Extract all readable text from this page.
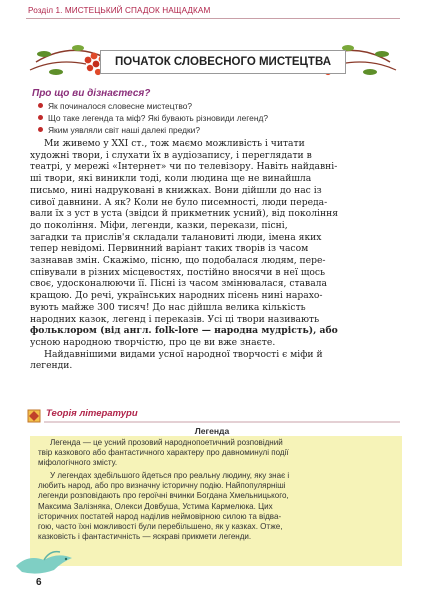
Розділ 1. МИСТЕЦЬКИЙ СПАДОК НАЩАДКАМ
ПОЧАТОК СЛОВЕСНОГО МИСТЕЦТВА
Про що ви дізнаєтеся?
Як починалося словесне мистецтво?
Що таке легенда та міф? Які бувають різновиди легенд?
Яким уявляли світ наші далекі предки?
Ми живемо у XXI ст., тож маємо можливість і читати
художні твори, і слухати їх в аудіозапису, і переглядати в
театрі, у мережі «Інтернет» чи по телевізору. Навіть найдавні-
ші твори, які виникли тоді, коли людина ще не винайшла
письмо, нині надруковані в книжках. Вони дійшли до нас із
сивої давнини. А як? Коли не було писемності, люди переда-
вали їх з уст в уста (звідси й прикметник усний), від покоління
до покоління. Міфи, легенди, казки, перекази, пісні,
загадки та прислів'я складали талановиті люди, імена яких
тепер невідомі. Первинний варіант таких творів із часом
зазнавав змін. Скажімо, пісню, що подобалася людям, пере-
співували в різних місцевостях, постійно вносячи в неї щось
своє, удосконалюючи її. Пісні із часом змінювалася, ставала
кращою. До речі, українських народних пісень нині нарахо-
вують майже 300 тисяч! До нас дійшла велика кількість
народних казок, легенд і переказів. Усі ці твори називають
фольклором (від англ. folk-lore — народна мудрість), або
усною народною творчістю, про це ви вже знаєте.
Найдавнішими видами усної народної творчості є міфи й
легенди.
Теорія літератури
Легенда
Легенда — це усний прозовий народнопоетичний розповідний
твір казкового або фантастичного характеру про давноминулі події
міфологічного змісту.
У легендах здебільшого йдеться про реальну людину, яку знає і
любить народ, або про визначну історичну подію. Найпопулярніші
легенди розповідають про героїчні вчинки Богдана Хмельницького,
Максима Залізняка, Олекси Довбуша, Устима Кармелюка. Цих
історичних постатей народ наділив неймовірною силою та відва-
гою, часто їхні можливості були перебільшено, як у казках. Отже,
казковість і фантастичність — яскраві прикмети легенди.
6
